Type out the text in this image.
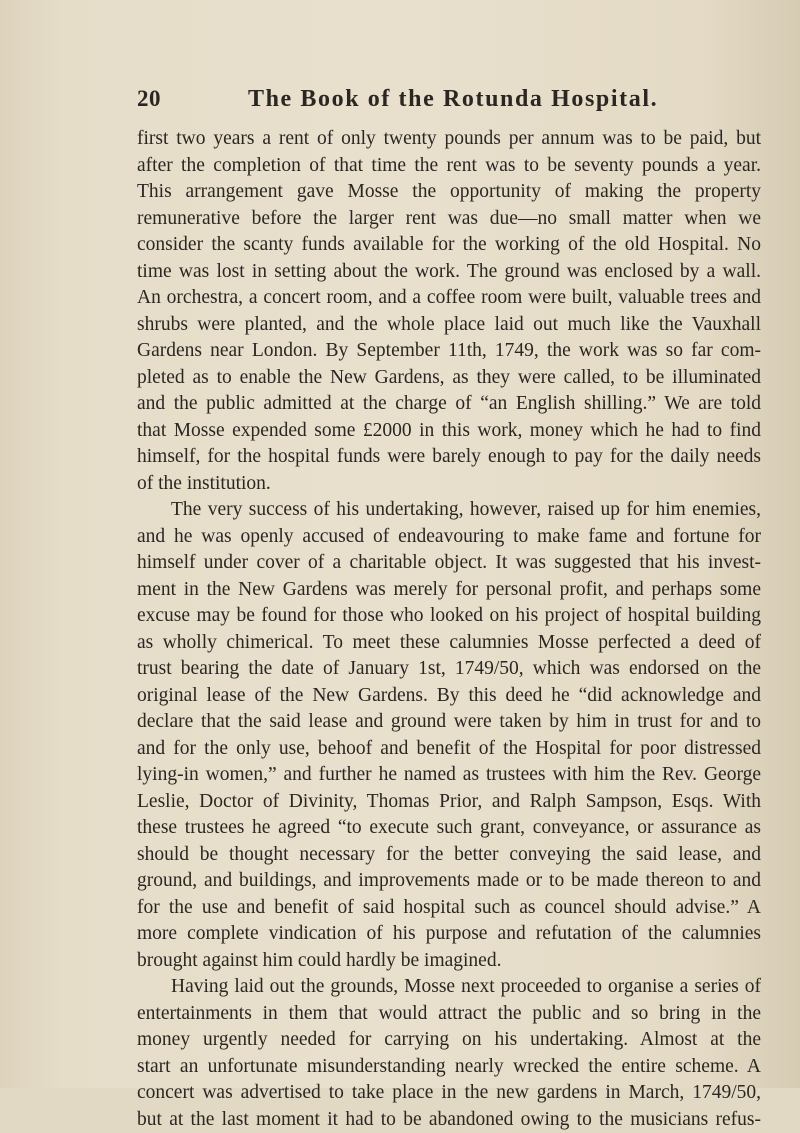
20	The Book of the Rotunda Hospital.
first two years a rent of only twenty pounds per annum was to be paid, but
after the completion of that time the rent was to be seventy pounds a year.
This arrangement gave Mosse the opportunity of making the property
remunerative before the larger rent was due—no small matter when we
consider the scanty funds available for the working of the old Hospital. No
time was lost in setting about the work. The ground was enclosed by a wall.
An orchestra, a concert room, and a coffee room were built, valuable trees and
shrubs were planted, and the whole place laid out much like the Vauxhall
Gardens near London. By September 11th, 1749, the work was so far com-
pleted as to enable the New Gardens, as they were called, to be illuminated
and the public admitted at the charge of “an English shilling.” We are told
that Mosse expended some £2000 in this work, money which he had to find
himself, for the hospital funds were barely enough to pay for the daily needs
of the institution.
The very success of his undertaking, however, raised up for him enemies,
and he was openly accused of endeavouring to make fame and fortune for
himself under cover of a charitable object. It was suggested that his invest-
ment in the New Gardens was merely for personal profit, and perhaps some
excuse may be found for those who looked on his project of hospital building
as wholly chimerical. To meet these calumnies Mosse perfected a deed of
trust bearing the date of January 1st, 1749/50, which was endorsed on the
original lease of the New Gardens. By this deed he “did acknowledge and
declare that the said lease and ground were taken by him in trust for and to
and for the only use, behoof and benefit of the Hospital for poor distressed
lying-in women,” and further he named as trustees with him the Rev. George
Leslie, Doctor of Divinity, Thomas Prior, and Ralph Sampson, Esqs. With
these trustees he agreed “to execute such grant, conveyance, or assurance as
should be thought necessary for the better conveying the said lease, and
ground, and buildings, and improvements made or to be made thereon to and
for the use and benefit of said hospital such as councel should advise.” A
more complete vindication of his purpose and refutation of the calumnies
brought against him could hardly be imagined.
Having laid out the grounds, Mosse next proceeded to organise a series of
entertainments in them that would attract the public and so bring in the
money urgently needed for carrying on his undertaking. Almost at the
start an unfortunate misunderstanding nearly wrecked the entire scheme. A
concert was advertised to take place in the new gardens in March, 1749/50,
but at the last moment it had to be abandoned owing to the musicians refus-
